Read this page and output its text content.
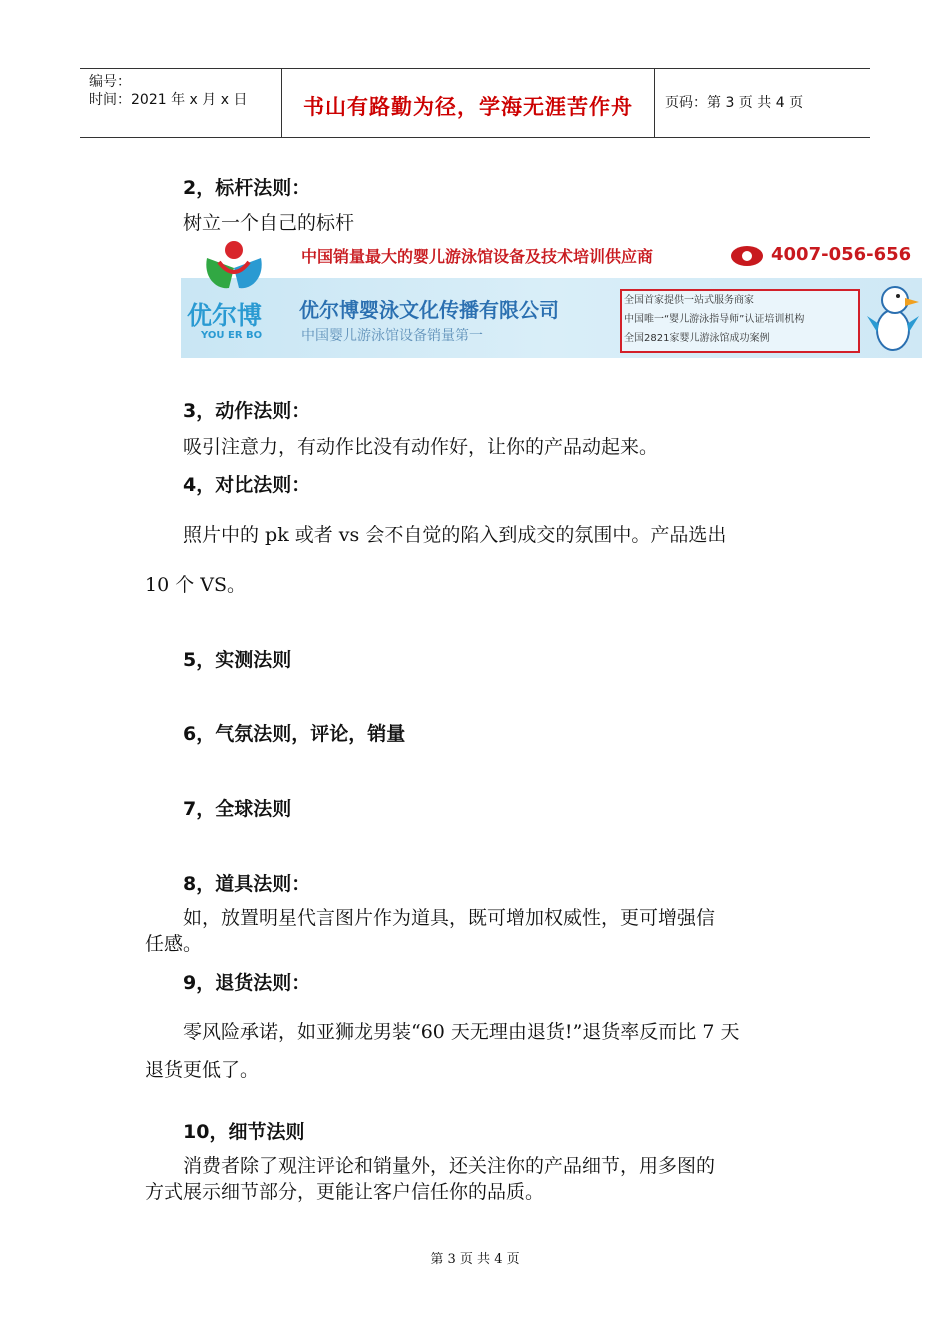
编号：
时间：2021 年 x 月 x 日	书山有路勤为径，学海无涯苦作舟	页码：第 3 页 共 4 页
2，标杆法则：
树立一个自己的标杆
优尔博
YOU ER BO
中国销量最大的婴儿游泳馆设备及技术培训供应商	4007-056-656
优尔博婴泳文化传播有限公司
中国婴儿游泳馆设备销量第一
全国首家提供一站式服务商家
中国唯一“婴儿游泳指导师”认证培训机构
全国2821家婴儿游泳馆成功案例
3，动作法则：
吸引注意力，有动作比没有动作好，让你的产品动起来。
4，对比法则：
照片中的 pk 或者 vs 会不自觉的陷入到成交的氛围中。产品选出
10 个 VS。
5，实测法则
6，气氛法则，评论，销量
7，全球法则
8，道具法则：
如，放置明星代言图片作为道具，既可增加权威性，更可增强信
任感。
9，退货法则：
零风险承诺，如亚狮龙男装“60 天无理由退货!”退货率反而比 7 天
退货更低了。
10，细节法则
消费者除了观注评论和销量外，还关注你的产品细节，用多图的
方式展示细节部分，更能让客户信任你的品质。
第 3 页 共 4 页
